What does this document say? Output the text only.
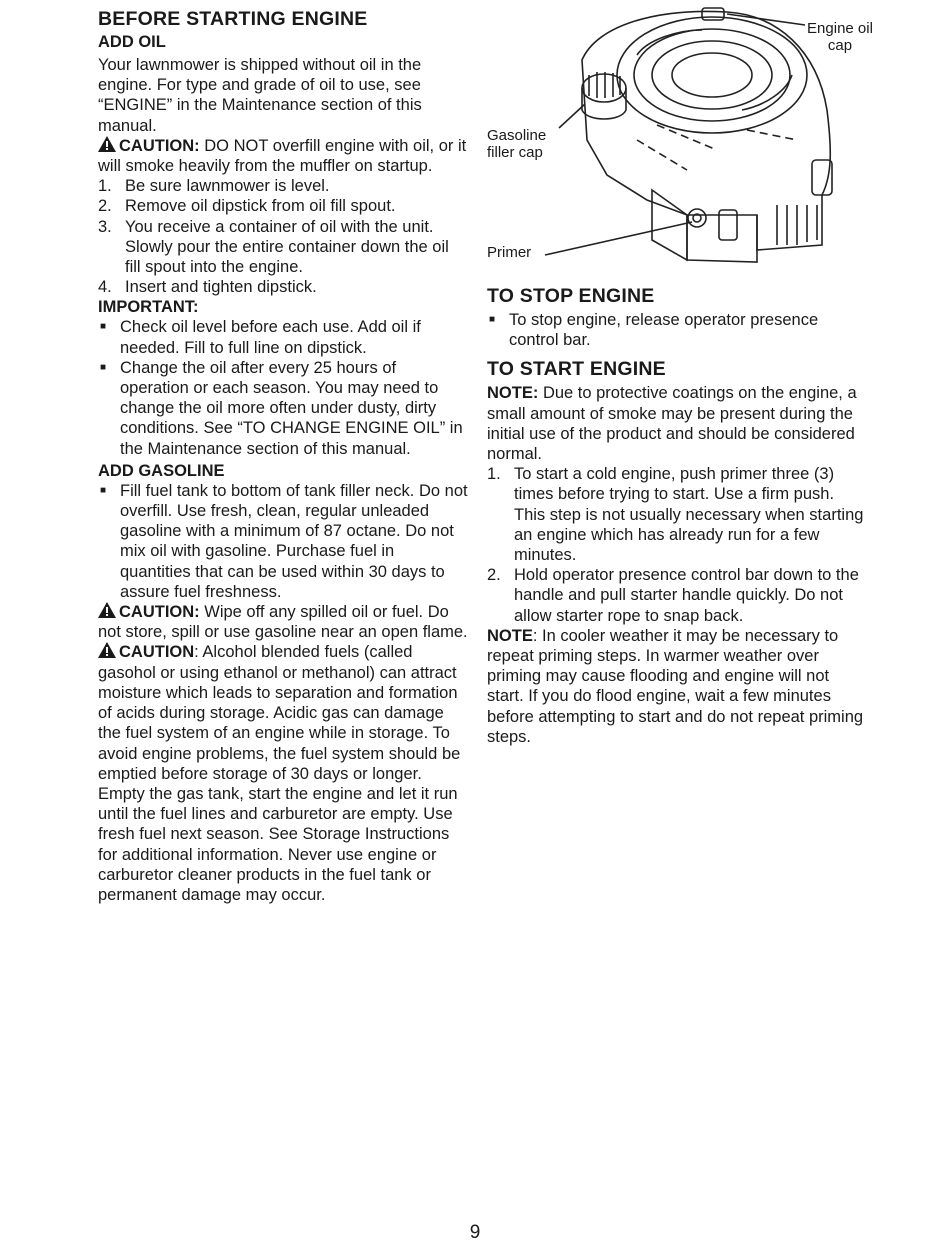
BEFORE STARTING ENGINE
ADD OIL

Your lawnmower is shipped without oil in the engine. For type and grade of oil to use, see “ENGINE” in the Maintenance section of this manual.

CAUTION: DO NOT overfill engine with oil, or it will smoke heavily from the muffler on startup.

1. Be sure lawnmower is level.
2. Remove oil dipstick from oil fill spout.
3. You receive a container of oil with the unit. Slowly pour the entire container down the oil fill spout into the engine.
4. Insert and tighten dipstick.
IMPORTANT:
■ Check oil level before each use. Add oil if needed. Fill to full line on dipstick.
■ Change the oil after every 25 hours of operation or each season. You may need to change the oil more often under dusty, dirty conditions. See “TO CHANGE ENGINE OIL” in the Maintenance section of this manual.
ADD GASOLINE
■ Fill fuel tank to bottom of tank filler neck. Do not overfill. Use fresh, clean, regular unleaded gasoline with a minimum of 87 octane. Do not mix oil with gasoline. Purchase fuel in quantities that can be used within 30 days to assure fuel freshness.

CAUTION: Wipe off any spilled oil or fuel. Do not store, spill or use gasoline near an open flame.

CAUTION: Alcohol blended fuels (called gasohol or using ethanol or methanol) can attract moisture which leads to separation and formation of acids during storage. Acidic gas can damage the fuel system of an engine while in storage. To avoid engine problems, the fuel system should be emptied before storage of 30 days or longer. Empty the gas tank, start the engine and let it run until the fuel lines and carburetor are empty. Use fresh fuel next season. See Storage Instructions for additional information. Never use engine or carburetor cleaner products in the fuel tank or permanent damage may occur.

Engine oil cap
Gasoline filler cap
Primer
TO STOP ENGINE
■ To stop engine, release operator presence control bar.
TO START ENGINE

NOTE: Due to protective coatings on the engine, a small amount of smoke may be present during the initial use of the product and should be considered normal.

1. To start a cold engine, push primer three (3) times before trying to start. Use a firm push. This step is not usually necessary when starting an engine which has already run for a few minutes.
2. Hold operator presence control bar down to the handle and pull starter handle quickly. Do not allow starter rope to snap back.

NOTE: In cooler weather it may be necessary to repeat priming steps. In warmer weather over priming may cause flooding and engine will not start. If you do flood engine, wait a few minutes before attempting to start and do not repeat priming steps.

9
